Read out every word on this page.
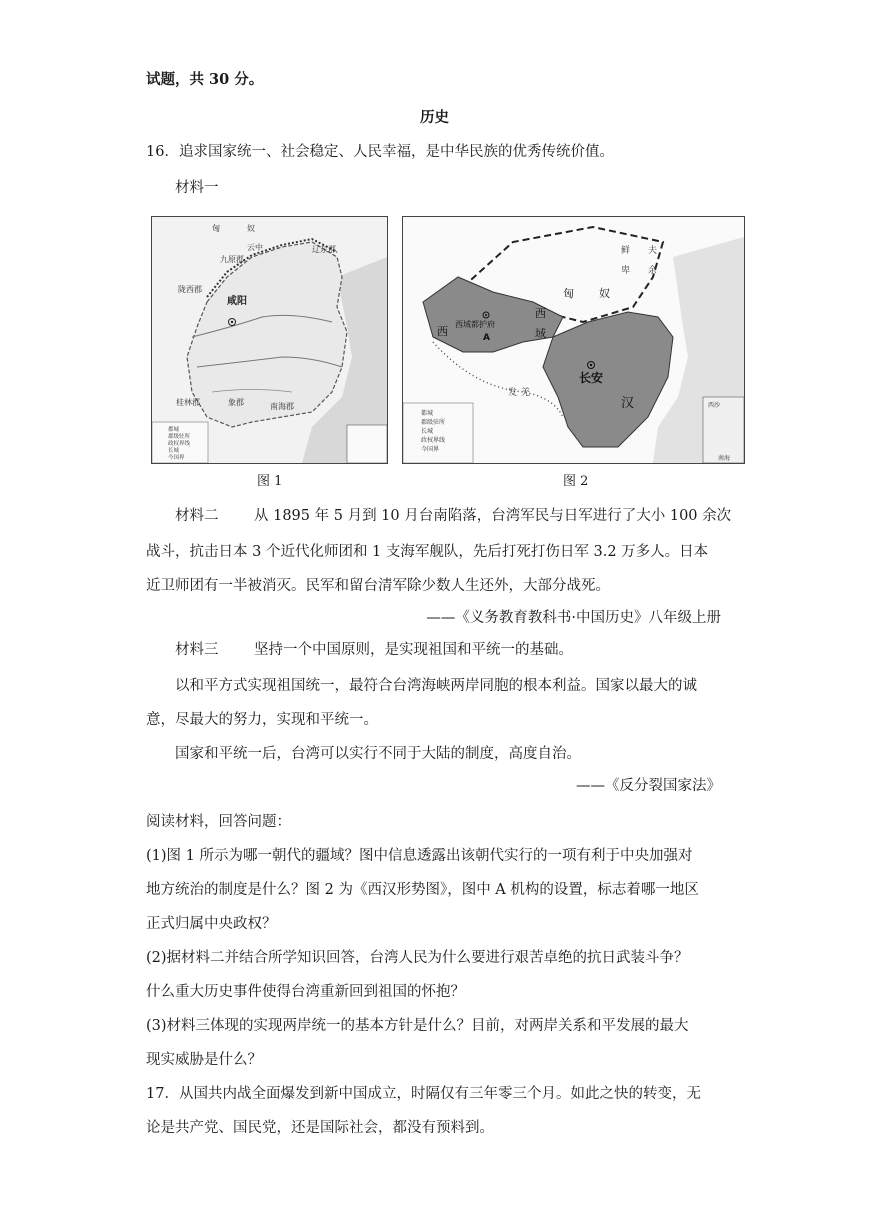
试题，共 30 分。
历史
16．追求国家统一、社会稳定、人民幸福，是中华民族的优秀传统价值。
材料一
匈	奴
云中
九原郡
辽东郡
陇西郡
咸阳
桂林郡	象郡	南海郡
都城
郡级驻所
政权界线
长城
今国界
图 1
匈 奴
西
域
西
西域都护府
A
长安
汉
鲜
卑
夫
余
发 羌
都城
郡级驻所
长城
政权界线
今国界
西沙
南海
图 2
材料二 从 1895 年 5 月到 10 月台南陷落，台湾军民与日军进行了大小 100 余次
战斗，抗击日本 3 个近代化师团和 1 支海军舰队，先后打死打伤日军 3.2 万多人。日本
近卫师团有一半被消灭。民军和留台清军除少数人生还外，大部分战死。
——《义务教育教科书·中国历史》八年级上册
材料三 坚持一个中国原则，是实现祖国和平统一的基础。
以和平方式实现祖国统一，最符合台湾海峡两岸同胞的根本利益。国家以最大的诚
意，尽最大的努力，实现和平统一。
国家和平统一后，台湾可以实行不同于大陆的制度，高度自治。
——《反分裂国家法》
阅读材料，回答问题：
(1)图 1 所示为哪一朝代的疆域？图中信息透露出该朝代实行的一项有利于中央加强对
地方统治的制度是什么？图 2 为《西汉形势图》，图中 A 机构的设置，标志着哪一地区
正式归属中央政权？
(2)据材料二并结合所学知识回答，台湾人民为什么要进行艰苦卓绝的抗日武装斗争？
什么重大历史事件使得台湾重新回到祖国的怀抱？
(3)材料三体现的实现两岸统一的基本方针是什么？目前，对两岸关系和平发展的最大
现实威胁是什么？
17．从国共内战全面爆发到新中国成立，时隔仅有三年零三个月。如此之快的转变，无
论是共产党、国民党，还是国际社会，都没有预料到。
